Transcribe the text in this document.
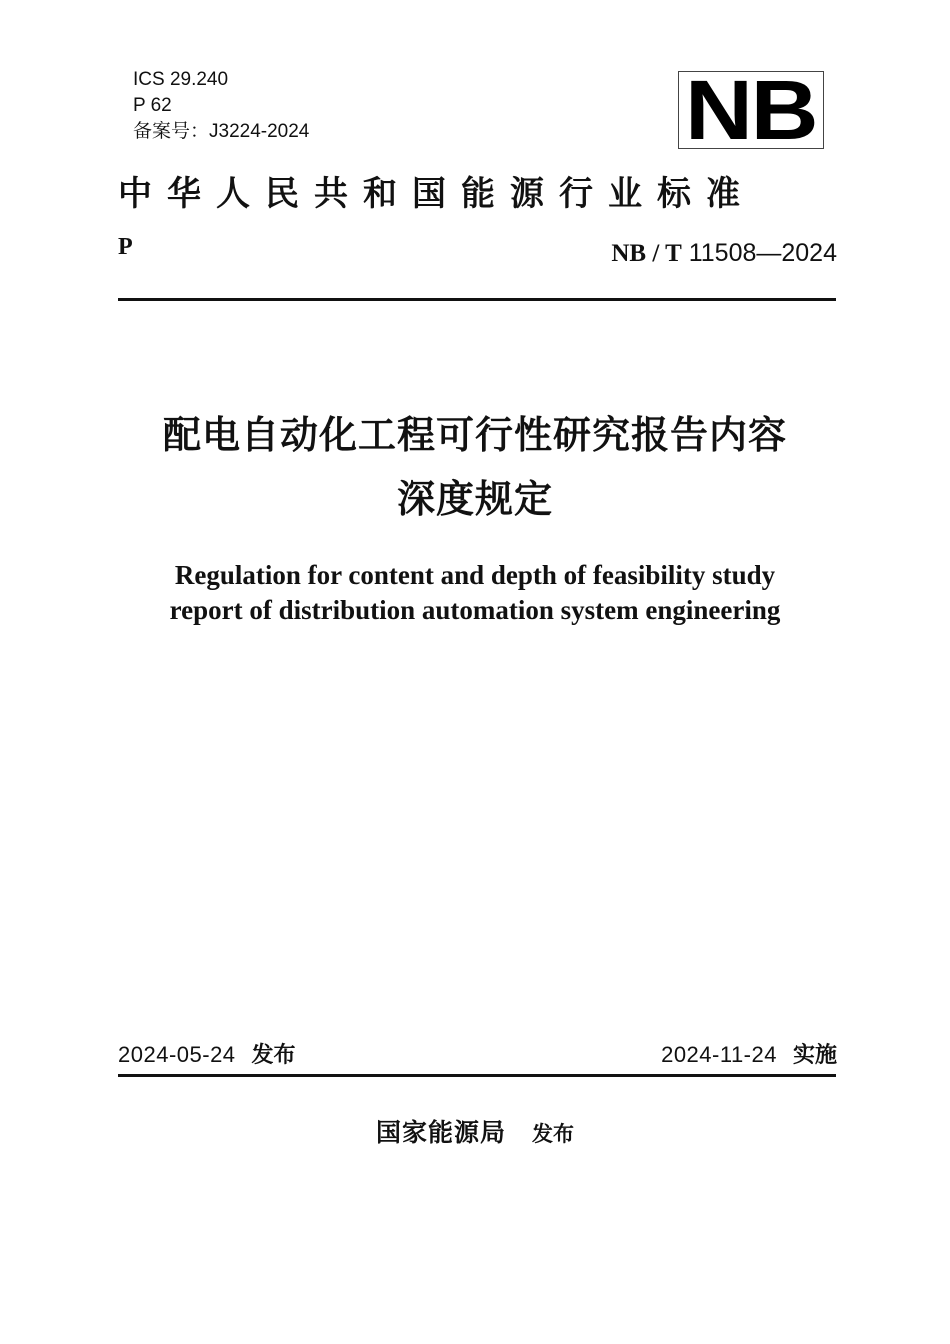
ICS 29.240
P 62
备案号：J3224-2024	NB
中华人民共和国能源行业标准
P	NB / T 11508—2024
配电自动化工程可行性研究报告内容
深度规定
Regulation for content and depth of feasibility study
report of distribution automation system engineering
2024-05-24 发布	2024-11-24 实施
国家能源局 发布
